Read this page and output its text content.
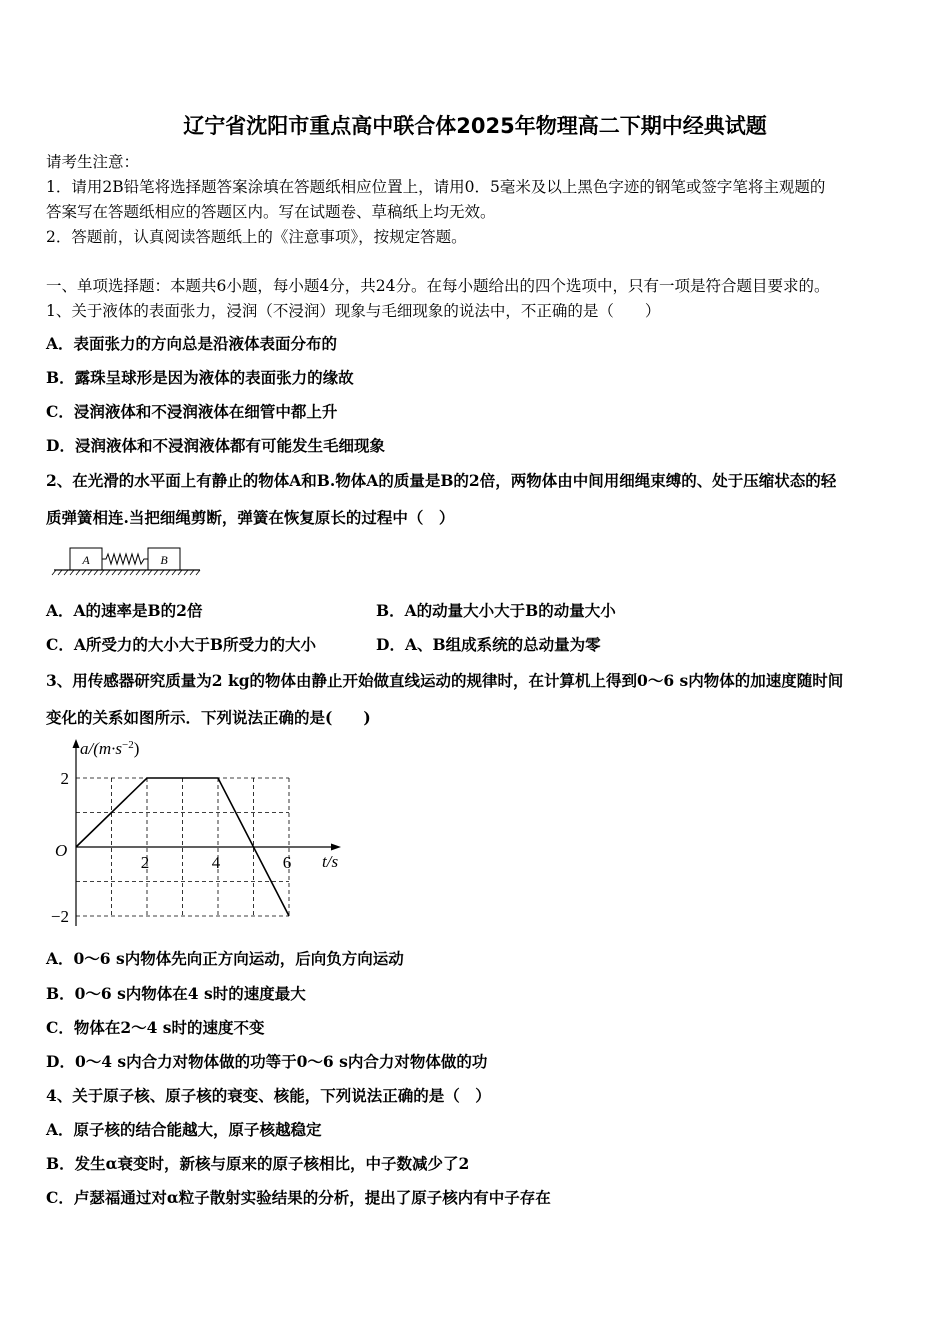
辽宁省沈阳市重点高中联合体2025年物理高二下期中经典试题
请考生注意：
1．请用2B铅笔将选择题答案涂填在答题纸相应位置上，请用0．5毫米及以上黑色字迹的钢笔或签字笔将主观题的
答案写在答题纸相应的答题区内。写在试题卷、草稿纸上均无效。
2．答题前，认真阅读答题纸上的《注意事项》，按规定答题。
一、单项选择题：本题共6小题，每小题4分，共24分。在每小题给出的四个选项中，只有一项是符合题目要求的。
1、关于液体的表面张力，浸润（不浸润）现象与毛细现象的说法中，不正确的是（　　）
A．表面张力的方向总是沿液体表面分布的
B．露珠呈球形是因为液体的表面张力的缘故
C．浸润液体和不浸润液体在细管中都上升
D．浸润液体和不浸润液体都有可能发生毛细现象
2、在光滑的水平面上有静止的物体A和B.物体A的质量是B的2倍，两物体由中间用细绳束缚的、处于压缩状态的轻
质弹簧相连.当把细绳剪断，弹簧在恢复原长的过程中（　）
A	B
A．A的速率是B的2倍	B．A的动量大小大于B的动量大小
C．A所受力的大小大于B所受力的大小	D．A、B组成系统的总动量为零
3、用传感器研究质量为2 kg的物体由静止开始做直线运动的规律时，在计算机上得到0～6 s内物体的加速度随时间
变化的关系如图所示．下列说法正确的是(　　)
$a/(m\cdot s^{-2})$
t/s
O
2	4	6
2
−2
A．0～6 s内物体先向正方向运动，后向负方向运动
B．0～6 s内物体在4 s时的速度最大
C．物体在2～4 s时的速度不变
D．0～4 s内合力对物体做的功等于0～6 s内合力对物体做的功
4、关于原子核、原子核的衰变、核能，下列说法正确的是（　）
A．原子核的结合能越大，原子核越稳定
B．发生α衰变时，新核与原来的原子核相比，中子数减少了2
C．卢瑟福通过对α粒子散射实验结果的分析，提出了原子核内有中子存在
